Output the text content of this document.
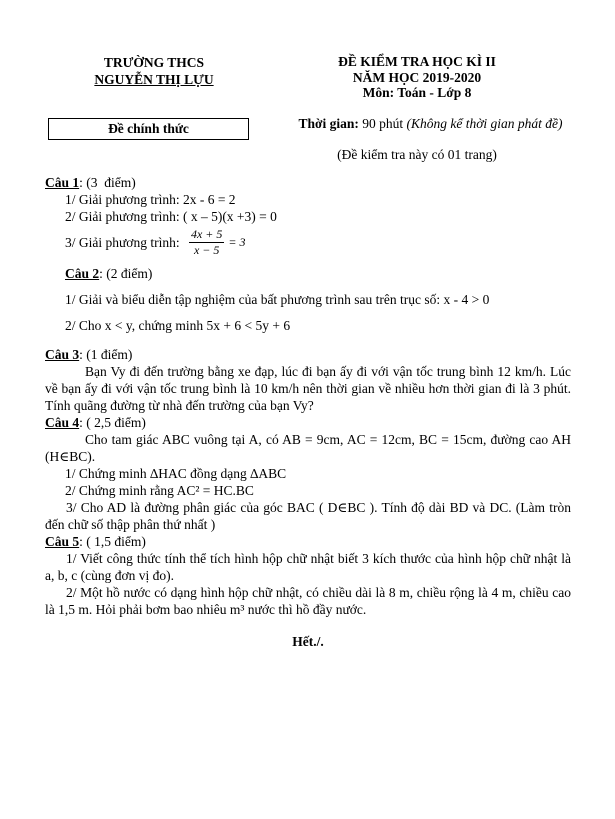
TRƯỜNG THCS
NGUYỄN THỊ LỰU
Đề chính thức
ĐỀ KIỂM TRA HỌC KÌ II
NĂM HỌC 2019-2020
Môn: Toán - Lớp 8

Thời gian: 90 phút (Không kể thời gian phát đề)

(Đề kiểm tra này có 01 trang)
Câu 1: (3  điểm)
1/ Giải phương trình: 2x - 6 = 2
2/ Giải phương trình: ( x – 5)(x +3) = 0
3/ Giải phương trình: $\frac{4x + 5}{x - 5} = 3$
Câu 2: (2 điểm)
1/ Giải và biểu diễn tập nghiệm của bất phương trình sau trên trục số: x - 4 > 0
2/ Cho x < y, chứng minh 5x + 6 < 5y + 6
Câu 3: (1 điểm)
Bạn Vy đi đến trường bằng xe đạp, lúc đi bạn ấy đi với vận tốc trung bình 12 km/h. Lúc về bạn ấy đi với vận tốc trung bình là 10 km/h nên thời gian về nhiều hơn thời gian đi là 3 phút. Tính quãng đường từ nhà đến trường của bạn Vy?
Câu 4: ( 2,5 điểm)
Cho tam giác ABC vuông tại A, có AB = 9cm, AC = 12cm, BC = 15cm, đường cao AH (H∈BC).
1/ Chứng minh ∆HAC đồng dạng ∆ABC
2/ Chứng minh rằng AC² = HC.BC
3/ Cho AD là đường phân giác của góc BAC ( D∈BC ). Tính độ dài BD và DC. (Làm tròn đến chữ số thập phân thứ nhất )
Câu 5: ( 1,5 điểm)
1/ Viết công thức tính thể tích hình hộp chữ nhật biết 3 kích thước của hình hộp chữ nhật là a, b, c (cùng đơn vị đo).
2/ Một hồ nước có dạng hình hộp chữ nhật, có chiều dài là 8 m, chiều rộng là 4 m, chiều cao là 1,5 m. Hỏi phải bơm bao nhiêu m³ nước thì hồ đầy nước.
Hết./.
